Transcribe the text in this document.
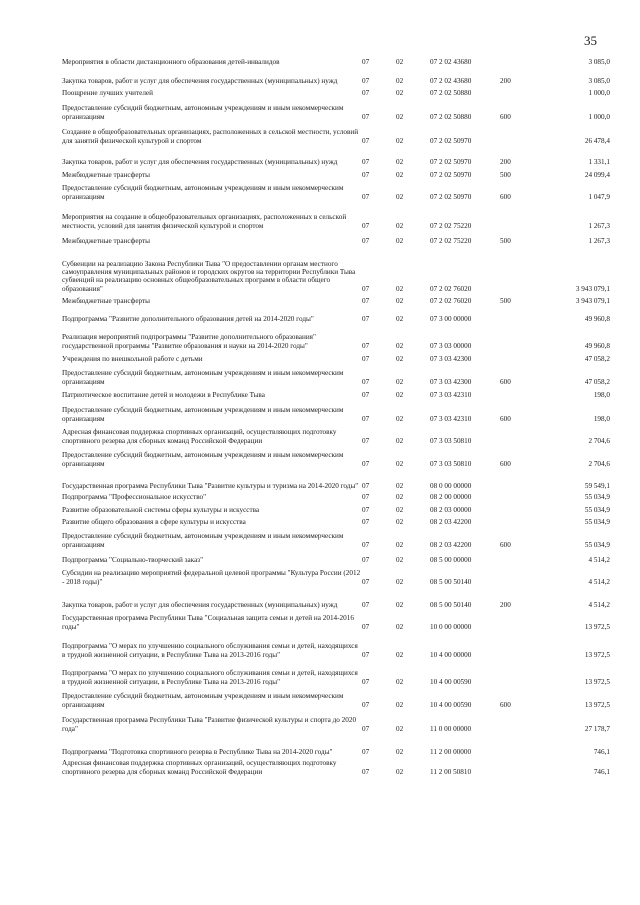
35
Мероприятия в области дистанционного образования детей-инвалидов	07	02	07 2 02 43680		3 085,0
Закупка товаров, работ и услуг для обеспечения государственных (муниципальных) нужд	07	02	07 2 02 43680	200	3 085,0
Поощрение лучших учителей	07	02	07 2 02 50880		1 000,0
Предоставление субсидий бюджетным, автономным учреждениям и иным некоммерческим организациям	07	02	07 2 02 50880	600	1 000,0
Создание в общеобразовательных организациях, расположенных в сельской местности, условий для занятий физической культурой и спортом	07	02	07 2 02 50970		26 478,4
Закупка товаров, работ и услуг для обеспечения государственных (муниципальных) нужд	07	02	07 2 02 50970	200	1 331,1
Межбюджетные трансферты	07	02	07 2 02 50970	500	24 099,4
Предоставление субсидий бюджетным, автономным учреждениям и иным некоммерческим организациям	07	02	07 2 02 50970	600	1 047,9
Мероприятия на создание в общеобразовательных организациях, расположенных в сельской местности, условий для занятия физической культурой и спортом	07	02	07 2 02 75220		1 267,3
Межбюджетные трансферты	07	02	07 2 02 75220	500	1 267,3
Субвенции на реализацию Закона Республики Тыва "О предоставлении органам местного самоуправления муниципальных районов и городских округов на территории Республики Тыва субвенций на реализацию основных общеобразовательных программ в области общего образования"	07	02	07 2 02 76020		3 943 079,1
Межбюджетные трансферты	07	02	07 2 02 76020	500	3 943 079,1
Подпрограмма "Развитие дополнительного образования детей на 2014-2020 годы"	07	02	07 3 00 00000		49 960,8
Реализация мероприятий подпрограммы "Развитие дополнительного образования" государственной программы "Развитие образования и науки на 2014-2020 годы"	07	02	07 3 03 00000		49 960,8
Учреждения по внешкольной работе с детьми	07	02	07 3 03 42300		47 058,2
Предоставление субсидий бюджетным, автономным учреждениям и иным некоммерческим организациям	07	02	07 3 03 42300	600	47 058,2
Патриотическое воспитание детей и молодежи в Республике Тыва	07	02	07 3 03 42310		198,0
Предоставление субсидий бюджетным, автономным учреждениям и иным некоммерческим организациям	07	02	07 3 03 42310	600	198,0
Адресная финансовая поддержка спортивных организаций, осуществляющих подготовку спортивного резерва для сборных команд Российской Федерации	07	02	07 3 03 50810		2 704,6
Предоставление субсидий бюджетным, автономным учреждениям и иным некоммерческим организациям	07	02	07 3 03 50810	600	2 704,6
Государственная программа Республики Тыва "Развитие культуры и туризма на 2014-2020 годы"	07	02	08 0 00 00000		59 549,1
Подпрограмма "Профессиональное искусство"	07	02	08 2 00 00000		55 034,9
Развитие образовательной системы сферы культуры и искусства	07	02	08 2 03 00000		55 034,9
Развитие общего образования в сфере культуры и искусства	07	02	08 2 03 42200		55 034,9
Предоставление субсидий бюджетным, автономным учреждениям и иным некоммерческим организациям	07	02	08 2 03 42200	600	55 034,9
Подпрограмма "Социально-творческий заказ"	07	02	08 5 00 00000		4 514,2
Субсидии на реализацию мероприятий федеральной целевой программы "Культура России (2012 - 2018 годы)"	07	02	08 5 00 50140		4 514,2
Закупка товаров, работ и услуг для обеспечения государственных (муниципальных) нужд	07	02	08 5 00 50140	200	4 514,2
Государственная программа Республики Тыва "Социальная защита семьи и детей на 2014-2016 годы"	07	02	10 0 00 00000		13 972,5
Подпрограмма "О мерах по улучшению социального обслуживания семьи и детей, находящихся в трудной жизненной ситуации, в Республике Тыва на 2013-2016 годы"	07	02	10 4 00 00000		13 972,5
Подпрограмма "О мерах по улучшению социального обслуживания семьи и детей, находящихся в трудной жизненной ситуации, в Республике Тыва на 2013-2016 годы"	07	02	10 4 00 00590		13 972,5
Предоставление субсидий бюджетным, автономным учреждениям и иным некоммерческим организациям	07	02	10 4 00 00590	600	13 972,5
Государственная программа Республики Тыва "Развитие физической культуры и спорта до 2020 года"	07	02	11 0 00 00000		27 178,7
Подпрограмма "Подготовка спортивного резерва в Республике Тыва на 2014-2020 годы"	07	02	11 2 00 00000		746,1
Адресная финансовая поддержка спортивных организаций, осуществляющих подготовку спортивного резерва для сборных команд Российской Федерации	07	02	11 2 00 50810		746,1
